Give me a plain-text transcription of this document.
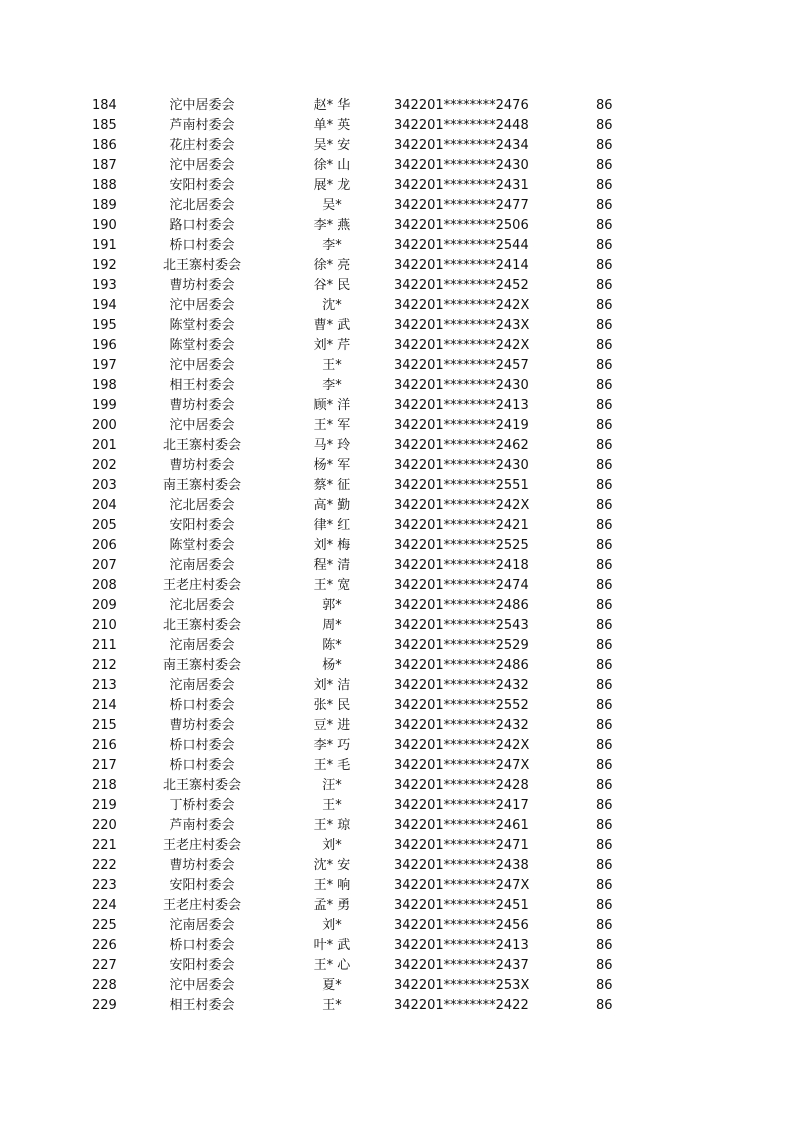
184	沱中居委会	赵* 华	342201********2476	86
185	芦南村委会	单* 英	342201********2448	86
186	花庄村委会	吴* 安	342201********2434	86
187	沱中居委会	徐* 山	342201********2430	86
188	安阳村委会	展* 龙	342201********2431	86
189	沱北居委会	吴*	342201********2477	86
190	路口村委会	李* 燕	342201********2506	86
191	桥口村委会	李*	342201********2544	86
192	北王寨村委会	徐* 亮	342201********2414	86
193	曹坊村委会	谷* 民	342201********2452	86
194	沱中居委会	沈*	342201********242X	86
195	陈堂村委会	曹* 武	342201********243X	86
196	陈堂村委会	刘* 芹	342201********242X	86
197	沱中居委会	王*	342201********2457	86
198	相王村委会	李*	342201********2430	86
199	曹坊村委会	顾* 洋	342201********2413	86
200	沱中居委会	王* 军	342201********2419	86
201	北王寨村委会	马* 玲	342201********2462	86
202	曹坊村委会	杨* 军	342201********2430	86
203	南王寨村委会	蔡* 征	342201********2551	86
204	沱北居委会	高* 勤	342201********242X	86
205	安阳村委会	律* 红	342201********2421	86
206	陈堂村委会	刘* 梅	342201********2525	86
207	沱南居委会	程* 清	342201********2418	86
208	王老庄村委会	王* 宽	342201********2474	86
209	沱北居委会	郭*	342201********2486	86
210	北王寨村委会	周*	342201********2543	86
211	沱南居委会	陈*	342201********2529	86
212	南王寨村委会	杨*	342201********2486	86
213	沱南居委会	刘* 洁	342201********2432	86
214	桥口村委会	张* 民	342201********2552	86
215	曹坊村委会	豆* 进	342201********2432	86
216	桥口村委会	李* 巧	342201********242X	86
217	桥口村委会	王* 毛	342201********247X	86
218	北王寨村委会	汪*	342201********2428	86
219	丁桥村委会	王*	342201********2417	86
220	芦南村委会	王* 琼	342201********2461	86
221	王老庄村委会	刘*	342201********2471	86
222	曹坊村委会	沈* 安	342201********2438	86
223	安阳村委会	王* 响	342201********247X	86
224	王老庄村委会	孟* 勇	342201********2451	86
225	沱南居委会	刘*	342201********2456	86
226	桥口村委会	叶* 武	342201********2413	86
227	安阳村委会	王* 心	342201********2437	86
228	沱中居委会	夏*	342201********253X	86
229	相王村委会	王*	342201********2422	86
